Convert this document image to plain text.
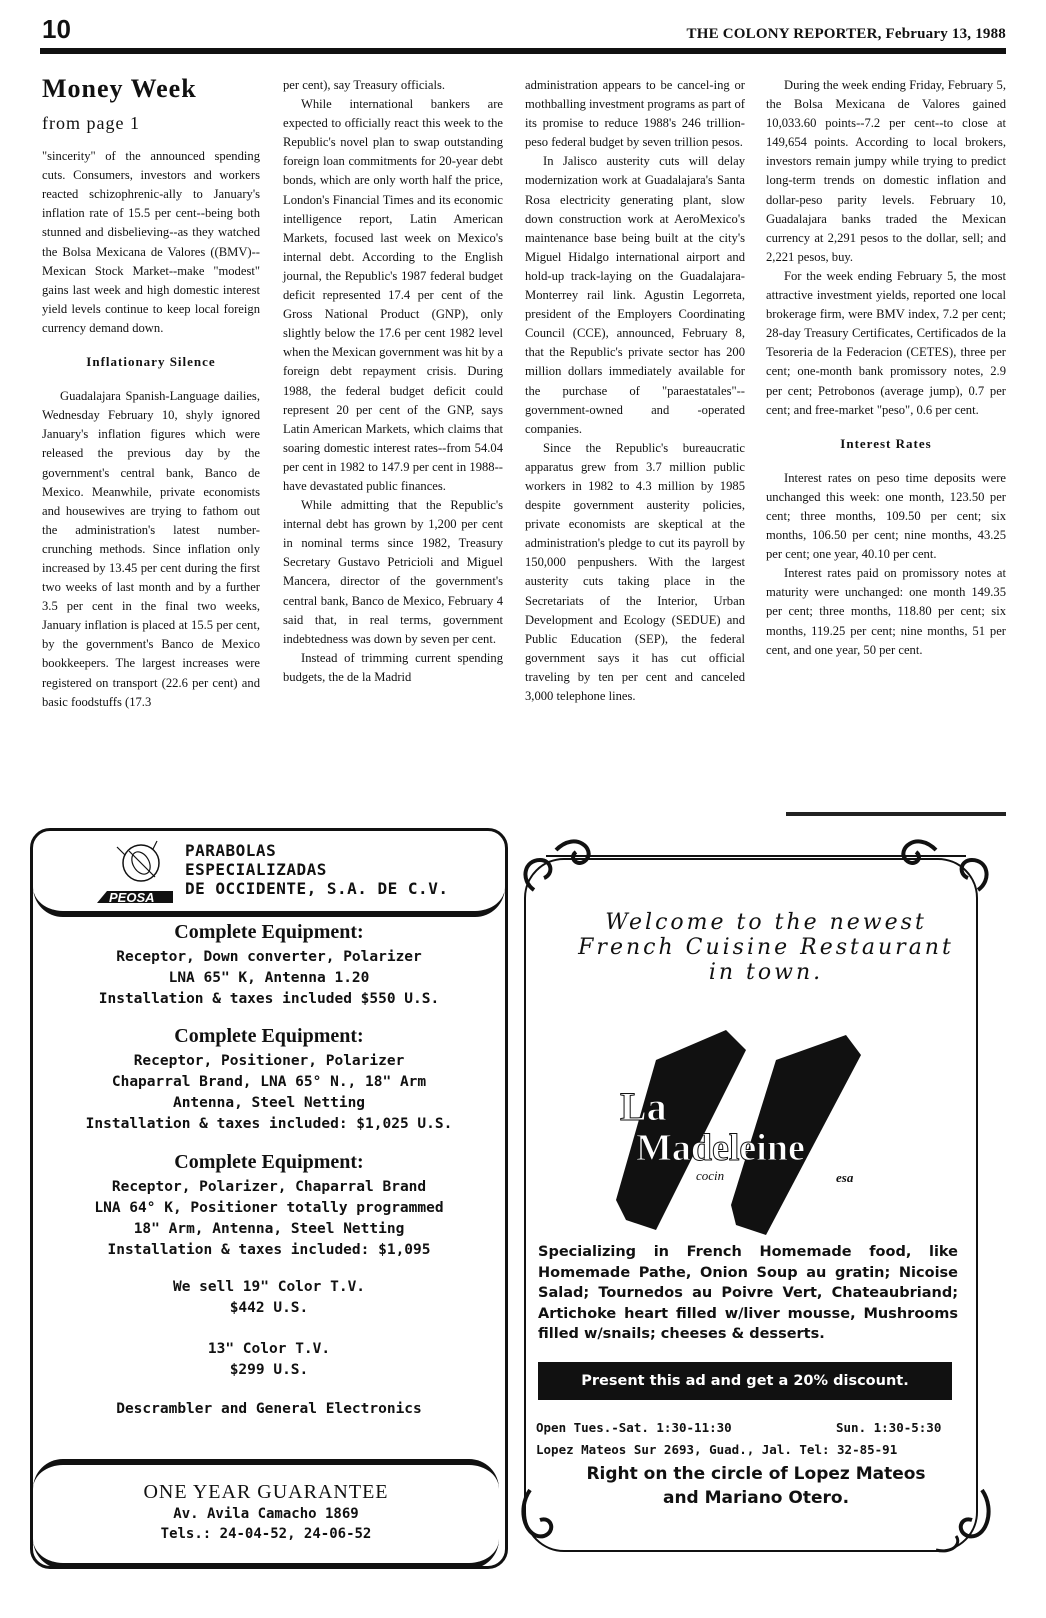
10	THE COLONY REPORTER, February 13, 1988
Money Week
from page 1

"sincerity" of the announced spending cuts. Consumers, investors and workers reacted schizophrenic-ally to January's inflation rate of 15.5 per cent--being both stunned and disbelieving--as they watched the Bolsa Mexicana de Valores ((BMV)--Mexican Stock Market--make "modest" gains last week and high domestic interest yield levels continue to keep local foreign currency demand down.

Inflationary Silence

Guadalajara Spanish-Language dailies, Wednesday February 10, shyly ignored January's inflation figures which were released the previous day by the government's central bank, Banco de Mexico. Meanwhile, private economists and housewives are trying to fathom out the administration's latest number-crunching methods. Since inflation only increased by 13.45 per cent during the first two weeks of last month and by a further 3.5 per cent in the final two weeks, January inflation is placed at 15.5 per cent, by the government's Banco de Mexico bookkeepers. The largest increases were registered on transport (22.6 per cent) and basic foodstuffs (17.3

per cent), say Treasury officials.

While international bankers are expected to officially react this week to the Republic's novel plan to swap outstanding foreign loan commitments for 20-year debt bonds, which are only worth half the price, London's Financial Times and its economic intelligence report, Latin American Markets, focused last week on Mexico's internal debt. According to the English journal, the Republic's 1987 federal budget deficit represented 17.4 per cent of the Gross National Product (GNP), only slightly below the 17.6 per cent 1982 level when the Mexican government was hit by a foreign debt repayment crisis. During 1988, the federal budget deficit could represent 20 per cent of the GNP, says Latin American Markets, which claims that soaring domestic interest rates--from 54.04 per cent in 1982 to 147.9 per cent in 1988--have devastated public finances.

While admitting that the Republic's internal debt has grown by 1,200 per cent in nominal terms since 1982, Treasury Secretary Gustavo Petricioli and Miguel Mancera, director of the government's central bank, Banco de Mexico, February 4 said that, in real terms, government indebtedness was down by seven per cent.

Instead of trimming current spending budgets, the de la Madrid

administration appears to be cancel-ing or mothballing investment programs as part of its promise to reduce 1988's 246 trillion-peso federal budget by seven trillion pesos.

In Jalisco austerity cuts will delay modernization work at Guadalajara's Santa Rosa electricity generating plant, slow down construction work at AeroMexico's maintenance base being built at the city's Miguel Hidalgo international airport and hold-up track-laying on the Guadalajara-Monterrey rail link. Agustin Legorreta, president of the Employers Coordinating Council (CCE), announced, February 8, that the Republic's private sector has 200 million dollars immediately available for the purchase of "paraestatales"--government-owned and -operated companies.

Since the Republic's bureaucratic apparatus grew from 3.7 million public workers in 1982 to 4.3 million by 1985 despite government austerity policies, private economists are skeptical at the administration's pledge to cut its payroll by 150,000 penpushers. With the largest austerity cuts taking place in the Secretariats of the Interior, Urban Development and Ecology (SEDUE) and Public Education (SEP), the federal government says it has cut official traveling by ten per cent and canceled 3,000 telephone lines.

During the week ending Friday, February 5, the Bolsa Mexicana de Valores gained 10,033.60 points--7.2 per cent--to close at 149,654 points. According to local brokers, investors remain jumpy while trying to predict long-term trends on domestic inflation and dollar-peso parity levels. February 10, Guadalajara banks traded the Mexican currency at 2,291 pesos to the dollar, sell; and 2,221 pesos, buy.

For the week ending February 5, the most attractive investment yields, reported one local brokerage firm, were BMV index, 7.2 per cent; 28-day Treasury Certificates, Certificados de la Tesoreria de la Federacion (CETES), three per cent; one-month bank promissory notes, 2.9 per cent; Petrobonos (average jump), 0.7 per cent; and free-market "peso", 0.6 per cent.

Interest Rates

Interest rates on peso time deposits were unchanged this week: one month, 123.50 per cent; three months, 109.50 per cent; six months, 106.50 per cent; nine months, 43.25 per cent; one year, 40.10 per cent.

Interest rates paid on promissory notes at maturity were unchanged: one month 149.35 per cent; three months, 118.80 per cent; six months, 119.25 per cent; nine months, 51 per cent, and one year, 50 per cent.

PEOSA
PARABOLAS
ESPECIALIZADAS
DE OCCIDENTE, S.A. DE C.V.
Complete Equipment:
Receptor, Down converter, Polarizer
LNA 65" K, Antenna 1.20
Installation & taxes included $550 U.S.
Complete Equipment:
Receptor, Positioner, Polarizer
Chaparral Brand, LNA 65° N., 18" Arm
Antenna, Steel Netting
Installation & taxes included: $1,025 U.S.
Complete Equipment:
Receptor, Polarizer, Chaparral Brand
LNA 64° K, Positioner totally programmed
18" Arm, Antenna, Steel Netting
Installation & taxes included: $1,095
We sell 19" Color T.V.
$442 U.S.
13" Color T.V.
$299 U.S.
Descrambler and General Electronics
ONE YEAR GUARANTEE
Av. Avila Camacho 1869
Tels.: 24-04-52, 24-06-52
Welcome to the newest
French Cuisine Restaurant
in town.
La
Madeleine
cocin	esa
Specializing in French Homemade food, like Homemade Pathe, Onion Soup au gratin; Nicoise Salad; Tournedos au Poivre Vert, Chateaubriand; Artichoke heart filled w/liver mousse, Mushrooms filled w/snails; cheeses & desserts.
Present this ad and get a 20% discount.
Open Tues.-Sat. 1:30-11:30	Sun. 1:30-5:30
Lopez Mateos Sur 2693, Guad., Jal. Tel: 32-85-91
Right on the circle of Lopez Mateos
and Mariano Otero.
